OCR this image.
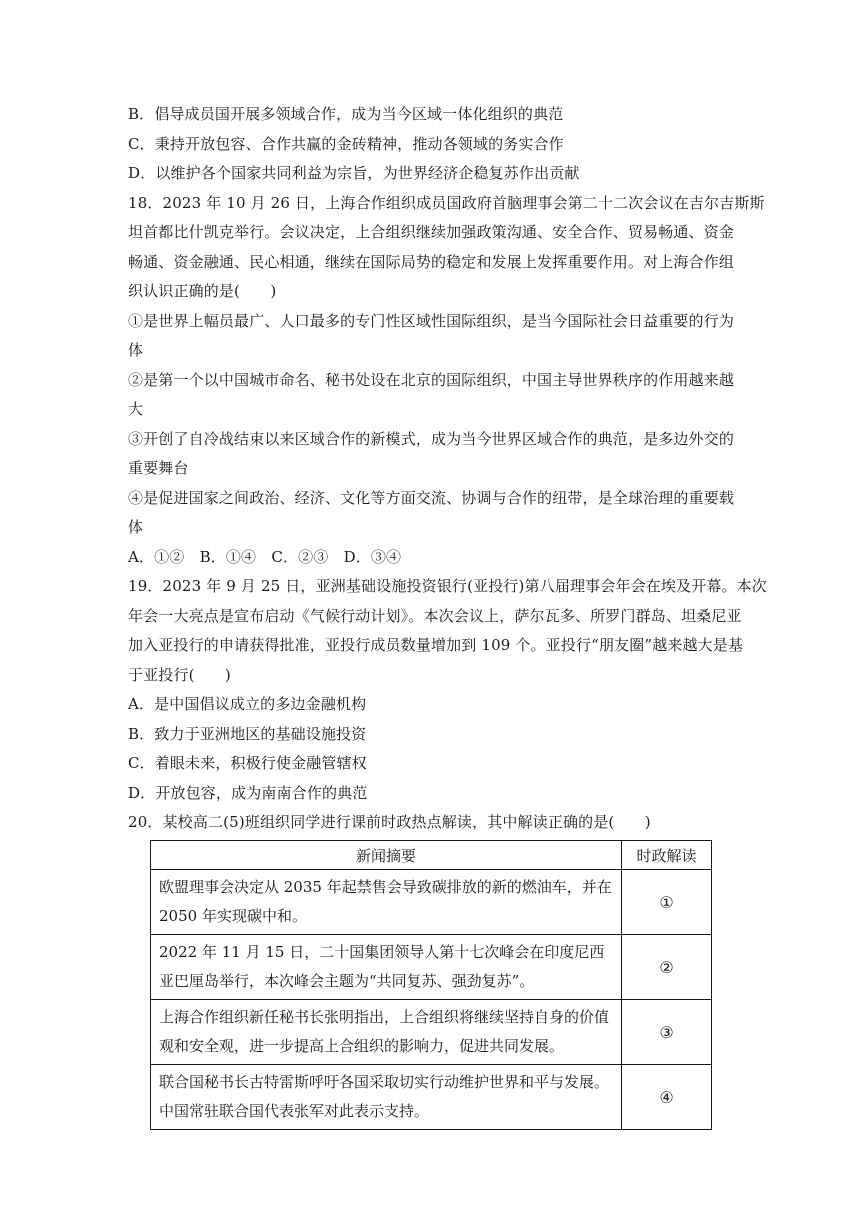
B．倡导成员国开展多领域合作，成为当今区域一体化组织的典范
C．秉持开放包容、合作共赢的金砖精神，推动各领域的务实合作
D．以维护各个国家共同利益为宗旨，为世界经济企稳复苏作出贡献
18．2023 年 10 月 26 日，上海合作组织成员国政府首脑理事会第二十二次会议在吉尔吉斯斯
坦首都比什凯克举行。会议决定，上合组织继续加强政策沟通、安全合作、贸易畅通、资金
畅通、资金融通、民心相通，继续在国际局势的稳定和发展上发挥重要作用。对上海合作组
织认识正确的是(　　)
①是世界上幅员最广、人口最多的专门性区域性国际组织，是当今国际社会日益重要的行为
体
②是第一个以中国城市命名、秘书处设在北京的国际组织，中国主导世界秩序的作用越来越
大
③开创了自冷战结束以来区域合作的新模式，成为当今世界区域合作的典范，是多边外交的
重要舞台
④是促进国家之间政治、经济、文化等方面交流、协调与合作的纽带，是全球治理的重要载
体
A．①②　B．①④　C．②③　D．③④
19．2023 年 9 月 25 日，亚洲基础设施投资银行(亚投行)第八届理事会年会在埃及开幕。本次
年会一大亮点是宣布启动《气候行动计划》。本次会议上，萨尔瓦多、所罗门群岛、坦桑尼亚
加入亚投行的申请获得批准，亚投行成员数量增加到 109 个。亚投行“朋友圈”越来越大是基
于亚投行(　　)
A．是中国倡议成立的多边金融机构
B．致力于亚洲地区的基础设施投资
C．着眼未来，积极行使金融管辖权
D．开放包容，成为南南合作的典范
20．某校高二(5)班组织同学进行课前时政热点解读，其中解读正确的是(　　)
新闻摘要	时政解读
欧盟理事会决定从 2035 年起禁售会导致碳排放的新的燃油车，并在 2050 年实现碳中和。	①
2022 年 11 月 15 日，二十国集团领导人第十七次峰会在印度尼西亚巴厘岛举行，本次峰会主题为“共同复苏、强劲复苏”。	②
上海合作组织新任秘书长张明指出，上合组织将继续坚持自身的价值观和安全观，进一步提高上合组织的影响力，促进共同发展。	③
联合国秘书长古特雷斯呼吁各国采取切实行动维护世界和平与发展。中国常驻联合国代表张军对此表示支持。	④
